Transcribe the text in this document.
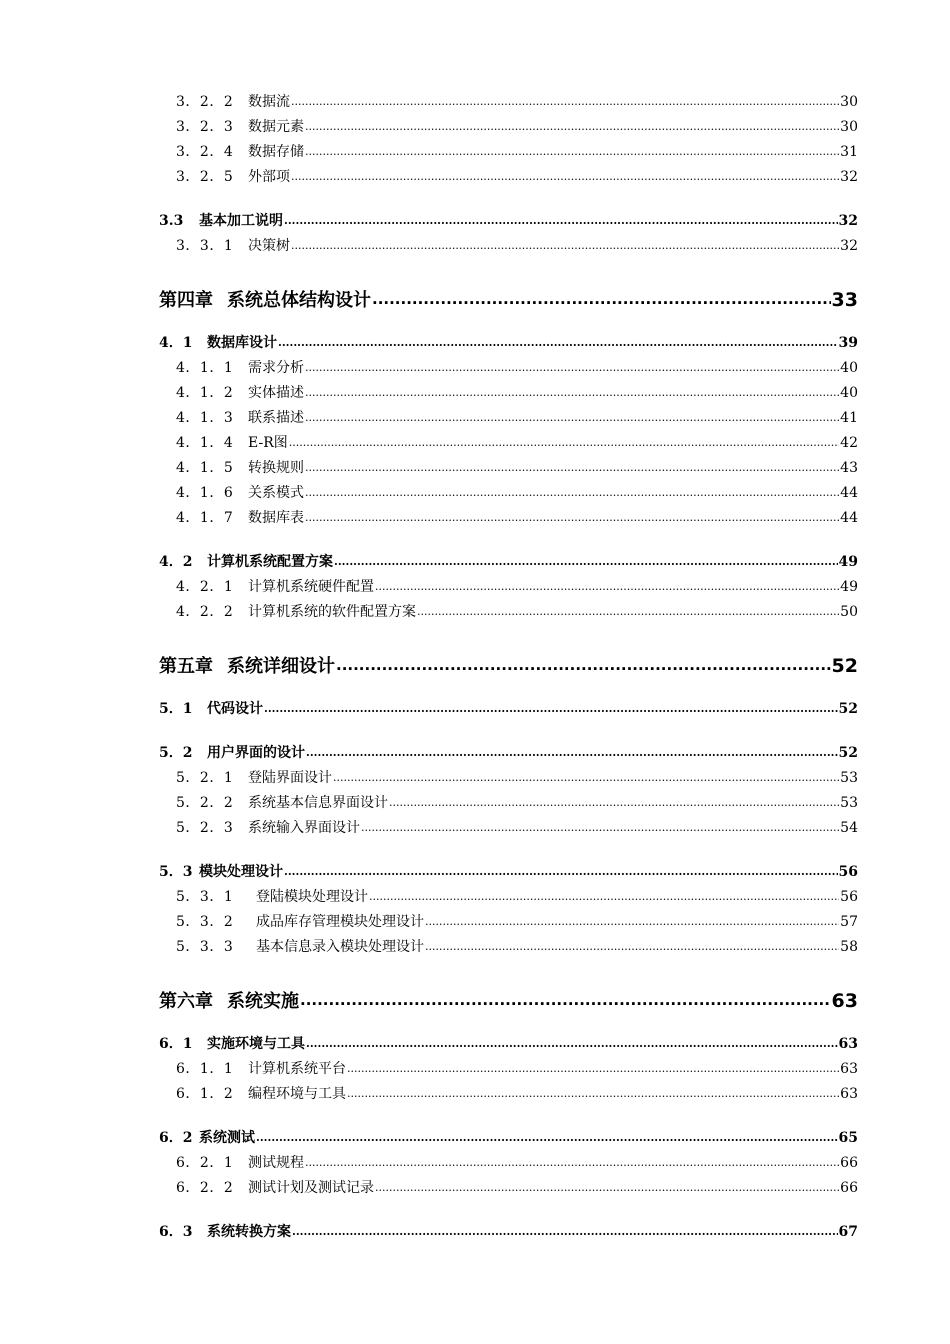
3．2．2	数据流 .....	30
3．2．3	数据元素 .....	30
3．2．4	数据存储 .....	31
3．2．5	外部项 .....	32
3.3	基本加工说明 .....	32
3．3．1	决策树 .....	32
第四章 系统总体结构设计 .....	33
4．1	数据库设计 .....	39
4．1．1	需求分析 .....	40
4．1．2	实体描述 .....	40
4．1．3	联系描述 .....	41
4．1．4	E-R图 .....	42
4．1．5	转换规则 .....	43
4．1．6	关系模式 .....	44
4．1．7	数据库表 .....	44
4．2	计算机系统配置方案 .....	49
4．2．1	计算机系统硬件配置 .....	49
4．2．2	计算机系统的软件配置方案 .....	50
第五章 系统详细设计 .....	52
5．1	代码设计 .....	52
5．2	用户界面的设计 .....	52
5．2．1	登陆界面设计 .....	53
5．2．2	系统基本信息界面设计 .....	53
5．2．3	系统输入界面设计 .....	54
5．3 模块处理设计 .....	56
5．3．1	登陆模块处理设计 .....	56
5．3．2	成品库存管理模块处理设计 .....	57
5．3．3	基本信息录入模块处理设计 .....	58
第六章 系统实施 .....	63
6．1	实施环境与工具 .....	63
6．1．1	计算机系统平台 .....	63
6．1．2	编程环境与工具 .....	63
6．2 系统测试 .....	65
6．2．1	测试规程 .....	66
6．2．2	测试计划及测试记录 .....	66
6．3	系统转换方案 .....	67
